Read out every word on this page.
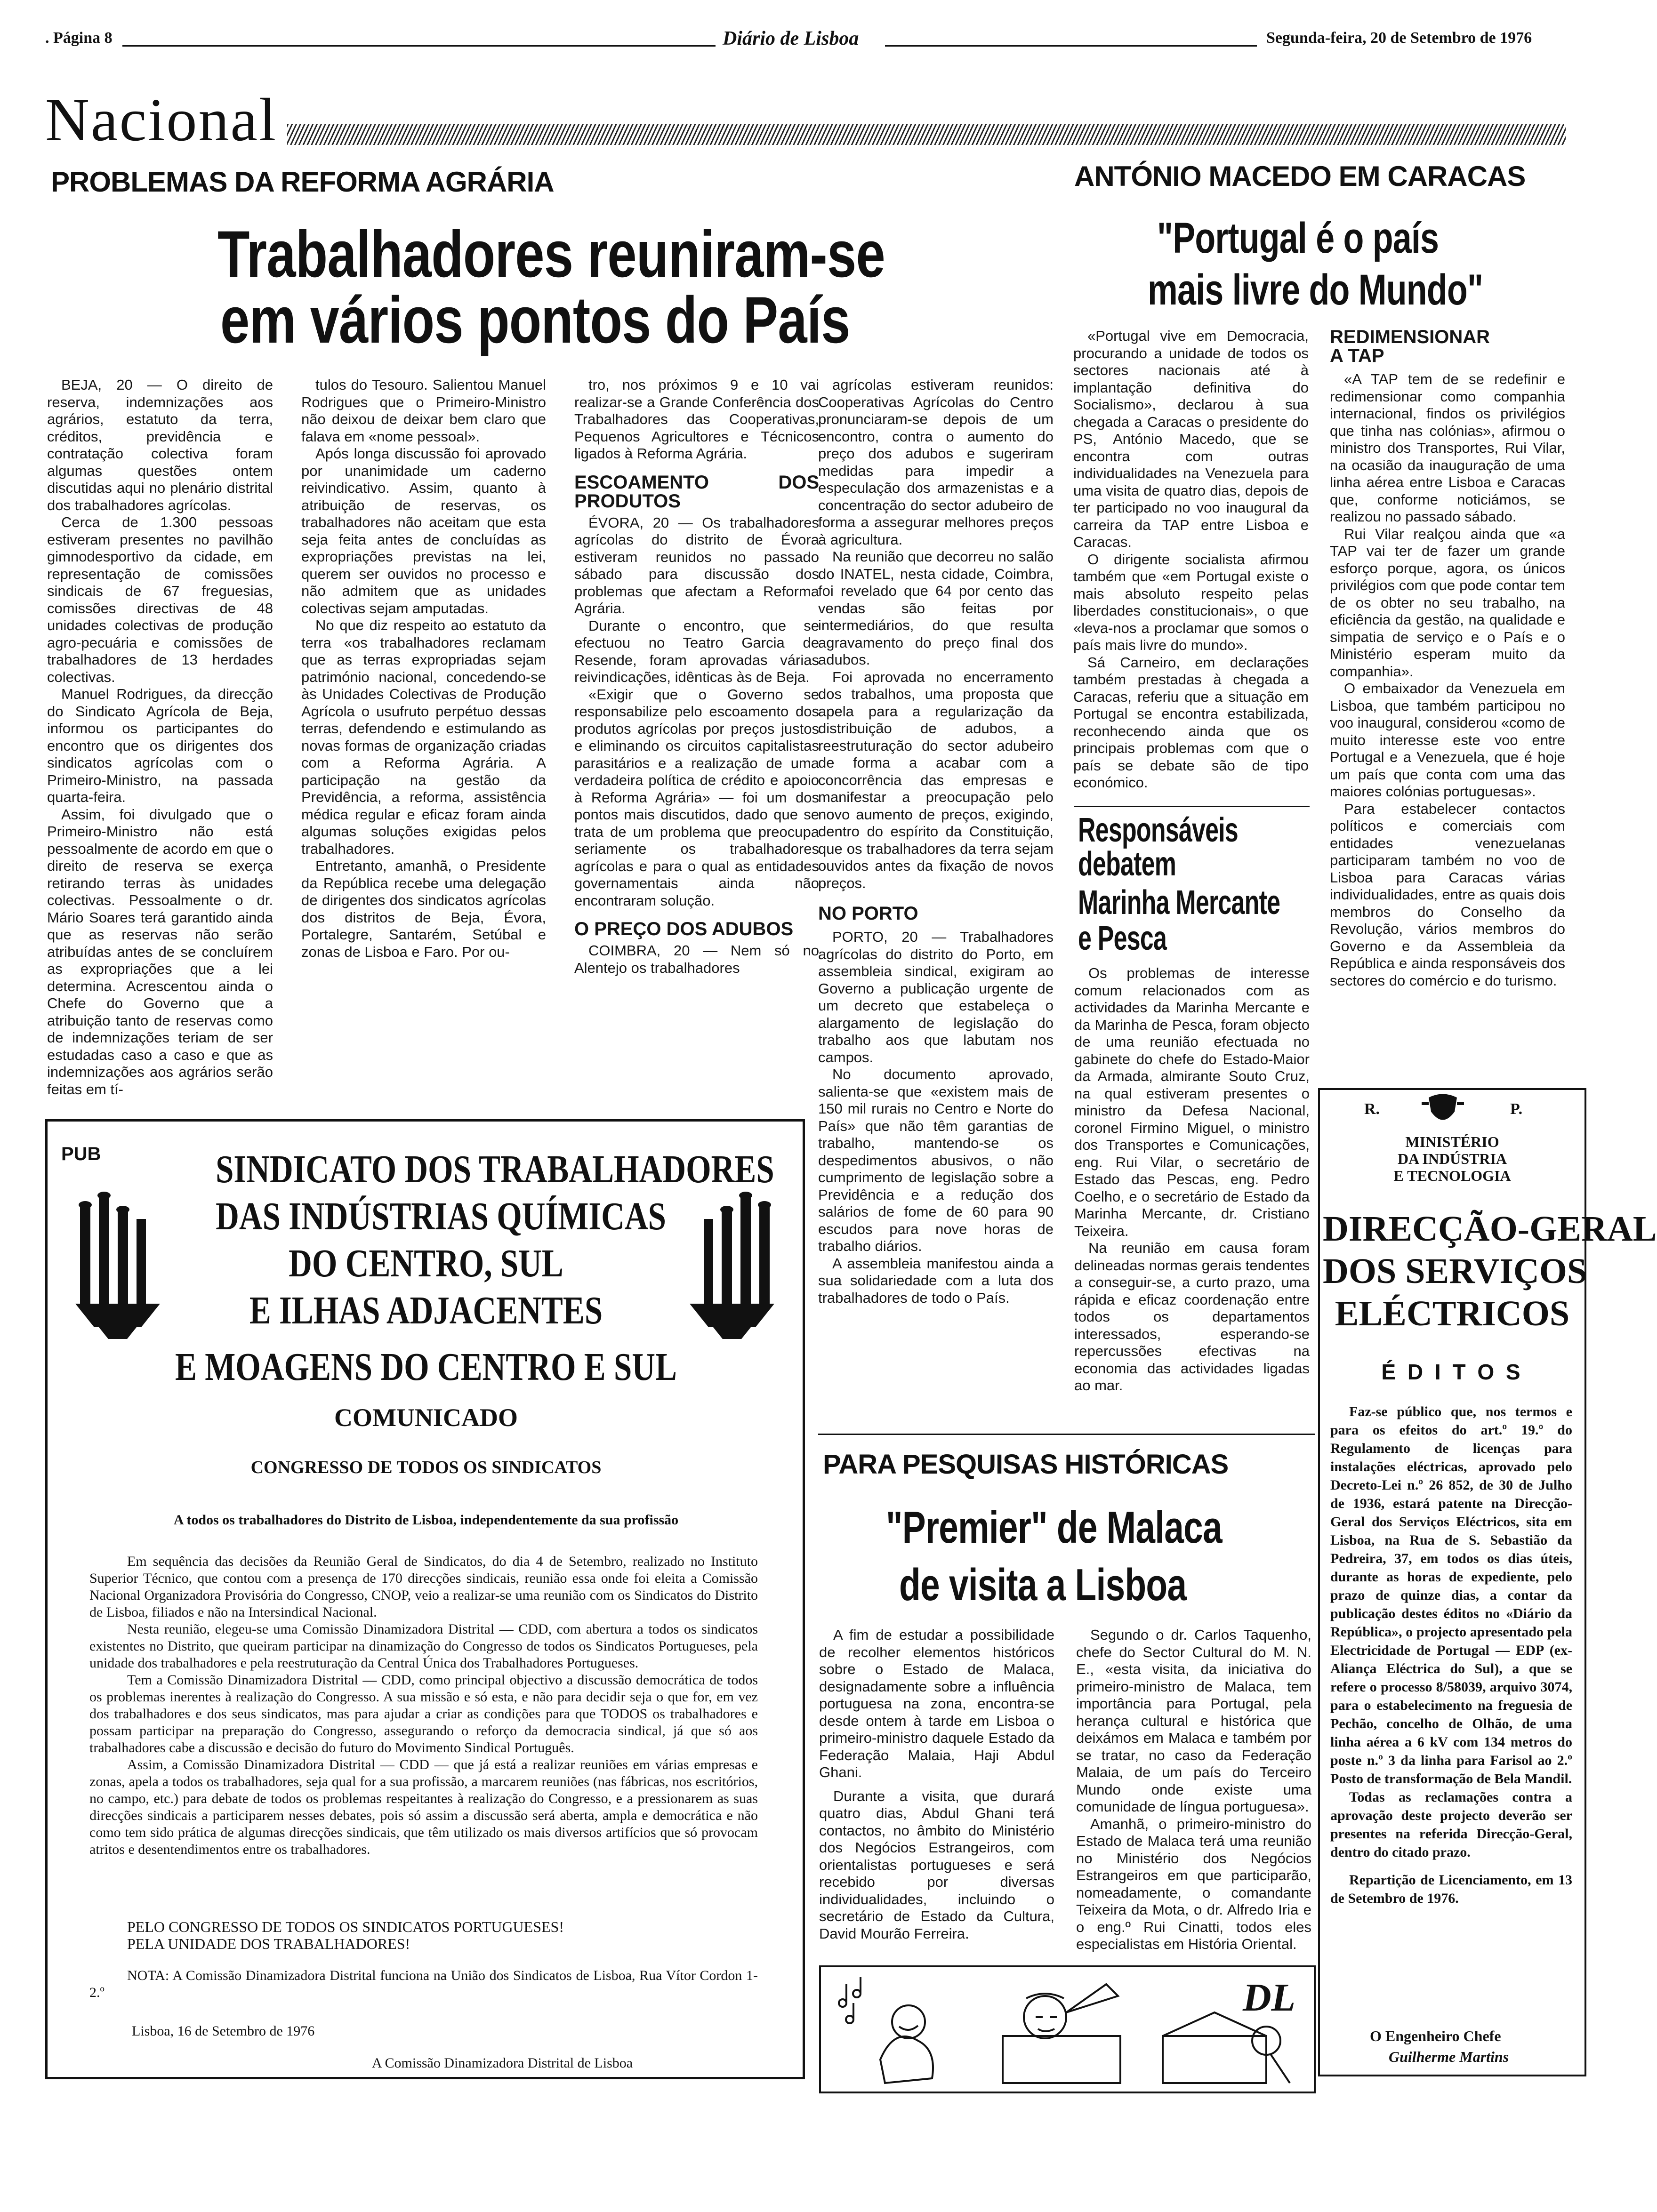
. Página 8	Diário de Lisboa	Segunda-feira, 20 de Setembro de 1976
Nacional
PROBLEMAS DA REFORMA AGRÁRIA
Trabalhadores reuniram-se
em vários pontos do País

BEJA, 20 — O direito de reserva, indemnizações aos agrários, estatuto da terra, créditos, previdência e contratação colectiva foram algumas questões ontem discutidas aqui no plenário distrital dos trabalhadores agrícolas.

Cerca de 1.300 pessoas estiveram presentes no pavilhão gimnodesportivo da cidade, em representação de comissões sindicais de 67 freguesias, comissões directivas de 48 unidades colectivas de produção agro-pecuária e comissões de trabalhadores de 13 herdades colectivas.

Manuel Rodrigues, da direcção do Sindicato Agrícola de Beja, informou os participantes do encontro que os dirigentes dos sindicatos agrícolas com o Primeiro-Ministro, na passada quarta-feira.

Assim, foi divulgado que o Primeiro-Ministro não está pessoalmente de acordo em que o direito de reserva se exerça retirando terras às unidades colectivas. Pessoalmente o dr. Mário Soares terá garantido ainda que as reservas não serão atribuídas antes de se concluírem as expropriações que a lei determina. Acrescentou ainda o Chefe do Governo que a atribuição tanto de reservas como de indemnizações teriam de ser estudadas caso a caso e que as indemnizações aos agrários serão feitas em tí-

tulos do Tesouro. Salientou Manuel Rodrigues que o Primeiro-Ministro não deixou de deixar bem claro que falava em «nome pessoal».

Após longa discussão foi aprovado por unanimidade um caderno reivindicativo. Assim, quanto à atribuição de reservas, os trabalhadores não aceitam que esta seja feita antes de concluídas as expropriações previstas na lei, querem ser ouvidos no processo e não admitem que as unidades colectivas sejam amputadas.

No que diz respeito ao estatuto da terra «os trabalhadores reclamam que as terras expropriadas sejam património nacional, concedendo-se às Unidades Colectivas de Produção Agrícola o usufruto perpétuo dessas terras, defendendo e estimulando as novas formas de organização criadas com a Reforma Agrária. A participação na gestão da Previdência, a reforma, assistência médica regular e eficaz foram ainda algumas soluções exigidas pelos trabalhadores.

Entretanto, amanhã, o Presidente da República recebe uma delegação de dirigentes dos sindicatos agrícolas dos distritos de Beja, Évora, Portalegre, Santarém, Setúbal e zonas de Lisboa e Faro. Por ou-

tro, nos próximos 9 e 10 vai realizar-se a Grande Conferência dos Trabalhadores das Cooperativas, Pequenos Agricultores e Técnicos ligados à Reforma Agrária.

ESCOAMENTO DOS PRODUTOS

ÉVORA, 20 — Os trabalhadores agrícolas do distrito de Évora estiveram reunidos no passado sábado para discussão dos problemas que afectam a Reforma Agrária.

Durante o encontro, que se efectuou no Teatro Garcia de Resende, foram aprovadas várias reivindicações, idênticas às de Beja.

«Exigir que o Governo se responsabilize pelo escoamento dos produtos agrícolas por preços justos e eliminando os circuitos capitalistas parasitários e a realização de uma verdadeira política de crédito e apoio à Reforma Agrária» — foi um dos pontos mais discutidos, dado que se trata de um problema que preocupa seriamente os trabalhadores agrícolas e para o qual as entidades governamentais ainda não encontraram solução.

O PREÇO DOS ADUBOS

COIMBRA, 20 — Nem só no Alentejo os trabalhadores

agrícolas estiveram reunidos: Cooperativas Agrícolas do Centro pronunciaram-se depois de um encontro, contra o aumento do preço dos adubos e sugeriram medidas para impedir a especulação dos armazenistas e a concentração do sector adubeiro de forma a assegurar melhores preços à agricultura.

Na reunião que decorreu no salão do INATEL, nesta cidade, Coimbra, foi revelado que 64 por cento das vendas são feitas por intermediários, do que resulta agravamento do preço final dos adubos.

Foi aprovada no encerramento dos trabalhos, uma proposta que apela para a regularização da distribuição de adubos, a reestruturação do sector adubeiro de forma a acabar com a concorrência das empresas e manifestar a preocupação pelo novo aumento de preços, exigindo, dentro do espírito da Constituição, que os trabalhadores da terra sejam ouvidos antes da fixação de novos preços.

NO PORTO

PORTO, 20 — Trabalhadores agrícolas do distrito do Porto, em assembleia sindical, exigiram ao Governo a publicação urgente de um decreto que estabeleça o alargamento de legislação do trabalho aos que labutam nos campos.

No documento aprovado, salienta-se que «existem mais de 150 mil rurais no Centro e Norte do País» que não têm garantias de trabalho, mantendo-se os despedimentos abusivos, o não cumprimento de legislação sobre a Previdência e a redução dos salários de fome de 60 para 90 escudos para nove horas de trabalho diários.

A assembleia manifestou ainda a sua solidariedade com a luta dos trabalhadores de todo o País.

ANTÓNIO MACEDO EM CARACAS
"Portugal é o país
mais livre do Mundo"

«Portugal vive em Democracia, procurando a unidade de todos os sectores nacionais até à implantação definitiva do Socialismo», declarou à sua chegada a Caracas o presidente do PS, António Macedo, que se encontra com outras individualidades na Venezuela para uma visita de quatro dias, depois de ter participado no voo inaugural da carreira da TAP entre Lisboa e Caracas.

O dirigente socialista afirmou também que «em Portugal existe o mais absoluto respeito pelas liberdades constitucionais», o que «leva-nos a proclamar que somos o país mais livre do mundo».

Sá Carneiro, em declarações também prestadas à chegada a Caracas, referiu que a situação em Portugal se encontra estabilizada, reconhecendo ainda que os principais problemas com que o país se debate são de tipo económico.

REDIMENSIONAR A TAP

«A TAP tem de se redefinir e redimensionar como companhia internacional, findos os privilégios que tinha nas colónias», afirmou o ministro dos Transportes, Rui Vilar, na ocasião da inauguração de uma linha aérea entre Lisboa e Caracas que, conforme noticiámos, se realizou no passado sábado.

Rui Vilar realçou ainda que «a TAP vai ter de fazer um grande esforço porque, agora, os únicos privilégios com que pode contar tem de os obter no seu trabalho, na eficiência da gestão, na qualidade e simpatia de serviço e o País e o Ministério esperam muito da companhia».

O embaixador da Venezuela em Lisboa, que também participou no voo inaugural, considerou «como de muito interesse este voo entre Portugal e a Venezuela, que é hoje um país que conta com uma das maiores colónias portuguesas».

Para estabelecer contactos políticos e comerciais com entidades venezuelanas participaram também no voo de Lisboa para Caracas várias individualidades, entre as quais dois membros do Conselho da Revolução, vários membros do Governo e da Assembleia da República e ainda responsáveis dos sectores do comércio e do turismo.

Responsáveis
debatem
Marinha Mercante
e Pesca

Os problemas de interesse comum relacionados com as actividades da Marinha Mercante e da Marinha de Pesca, foram objecto de uma reunião efectuada no gabinete do chefe do Estado-Maior da Armada, almirante Souto Cruz, na qual estiveram presentes o ministro da Defesa Nacional, coronel Firmino Miguel, o ministro dos Transportes e Comunicações, eng. Rui Vilar, o secretário de Estado das Pescas, eng. Pedro Coelho, e o secretário de Estado da Marinha Mercante, dr. Cristiano Teixeira.

Na reunião em causa foram delineadas normas gerais tendentes a conseguir-se, a curto prazo, uma rápida e eficaz coordenação entre todos os departamentos interessados, esperando-se repercussões efectivas na economia das actividades ligadas ao mar.

PUB	SINDICATO DOS TRABALHADORES
DAS INDÚSTRIAS QUÍMICAS
DO CENTRO, SUL
E ILHAS ADJACENTES
E MOAGENS DO CENTRO E SUL
COMUNICADO
CONGRESSO DE TODOS OS SINDICATOS
A todos os trabalhadores do Distrito de Lisboa, independentemente da sua profissão

Em sequência das decisões da Reunião Geral de Sindicatos, do dia 4 de Setembro, realizado no Instituto Superior Técnico, que contou com a presença de 170 direcções sindicais, reunião essa onde foi eleita a Comissão Nacional Organizadora Provisória do Congresso, CNOP, veio a realizar-se uma reunião com os Sindicatos do Distrito de Lisboa, filiados e não na Intersindical Nacional.

Nesta reunião, elegeu-se uma Comissão Dinamizadora Distrital — CDD, com abertura a todos os sindicatos existentes no Distrito, que queiram participar na dinamização do Congresso de todos os Sindicatos Portugueses, pela unidade dos trabalhadores e pela reestruturação da Central Única dos Trabalhadores Portugueses.

Tem a Comissão Dinamizadora Distrital — CDD, como principal objectivo a discussão democrática de todos os problemas inerentes à realização do Congresso. A sua missão e só esta, e não para decidir seja o que for, em vez dos trabalhadores e dos seus sindicatos, mas para ajudar a criar as condições para que TODOS os trabalhadores e possam participar na preparação do Congresso, assegurando o reforço da democracia sindical, já que só aos trabalhadores cabe a discussão e decisão do futuro do Movimento Sindical Português.

Assim, a Comissão Dinamizadora Distrital — CDD — que já está a realizar reuniões em várias empresas e zonas, apela a todos os trabalhadores, seja qual for a sua profissão, a marcarem reuniões (nas fábricas, nos escritórios, no campo, etc.) para debate de todos os problemas respeitantes à realização do Congresso, e a pressionarem as suas direcções sindicais a participarem nesses debates, pois só assim a discussão será aberta, ampla e democrática e não como tem sido prática de algumas direcções sindicais, que têm utilizado os mais diversos artifícios que só provocam atritos e desentendimentos entre os trabalhadores.

PELO CONGRESSO DE TODOS OS SINDICATOS PORTUGUESES!
PELA UNIDADE DOS TRABALHADORES!
NOTA: A Comissão Dinamizadora Distrital funciona na União dos Sindicatos de Lisboa, Rua Vítor Cordon 1-2.º
Lisboa, 16 de Setembro de 1976
A Comissão Dinamizadora Distrital de Lisboa
PARA PESQUISAS HISTÓRICAS
"Premier" de Malaca
de visita a Lisboa

A fim de estudar a possibilidade de recolher elementos históricos sobre o Estado de Malaca, designadamente sobre a influência portuguesa na zona, encontra-se desde ontem à tarde em Lisboa o primeiro-ministro daquele Estado da Federação Malaia, Haji Abdul Ghani.

Durante a visita, que durará quatro dias, Abdul Ghani terá contactos, no âmbito do Ministério dos Negócios Estrangeiros, com orientalistas portugueses e será recebido por diversas individualidades, incluindo o secretário de Estado da Cultura, David Mourão Ferreira.

Segundo o dr. Carlos Taquenho, chefe do Sector Cultural do M. N. E., «esta visita, da iniciativa do primeiro-ministro de Malaca, tem importância para Portugal, pela herança cultural e histórica que deixámos em Malaca e também por se tratar, no caso da Federação Malaia, de um país do Terceiro Mundo onde existe uma comunidade de língua portuguesa».

Amanhã, o primeiro-ministro do Estado de Malaca terá uma reunião no Ministério dos Negócios Estrangeiros em que participarão, nomeadamente, o comandante Teixeira da Mota, o dr. Alfredo Iria e o eng.º Rui Cinatti, todos eles especialistas em História Oriental.

DL
R.	P.
MINISTÉRIO
DA INDÚSTRIA
E TECNOLOGIA
DIRECÇÃO-GERAL
DOS SERVIÇOS
ELÉCTRICOS
É D I T O S

Faz-se público que, nos termos e para os efeitos do art.º 19.º do Regulamento de licenças para instalações eléctricas, aprovado pelo Decreto-Lei n.º 26 852, de 30 de Julho de 1936, estará patente na Direcção-Geral dos Serviços Eléctricos, sita em Lisboa, na Rua de S. Sebastião da Pedreira, 37, em todos os dias úteis, durante as horas de expediente, pelo prazo de quinze dias, a contar da publicação destes éditos no «Diário da República», o projecto apresentado pela Electricidade de Portugal — EDP (ex-Aliança Eléctrica do Sul), a que se refere o processo 8/58039, arquivo 3074, para o estabelecimento na freguesia de Pechão, concelho de Olhão, de uma linha aérea a 6 kV com 134 metros do poste n.º 3 da linha para Farisol ao 2.º Posto de transformação de Bela Mandil.

Todas as reclamações contra a aprovação deste projecto deverão ser presentes na referida Direcção-Geral, dentro do citado prazo.

Repartição de Licenciamento, em 13 de Setembro de 1976.

O Engenheiro Chefe
Guilherme Martins
